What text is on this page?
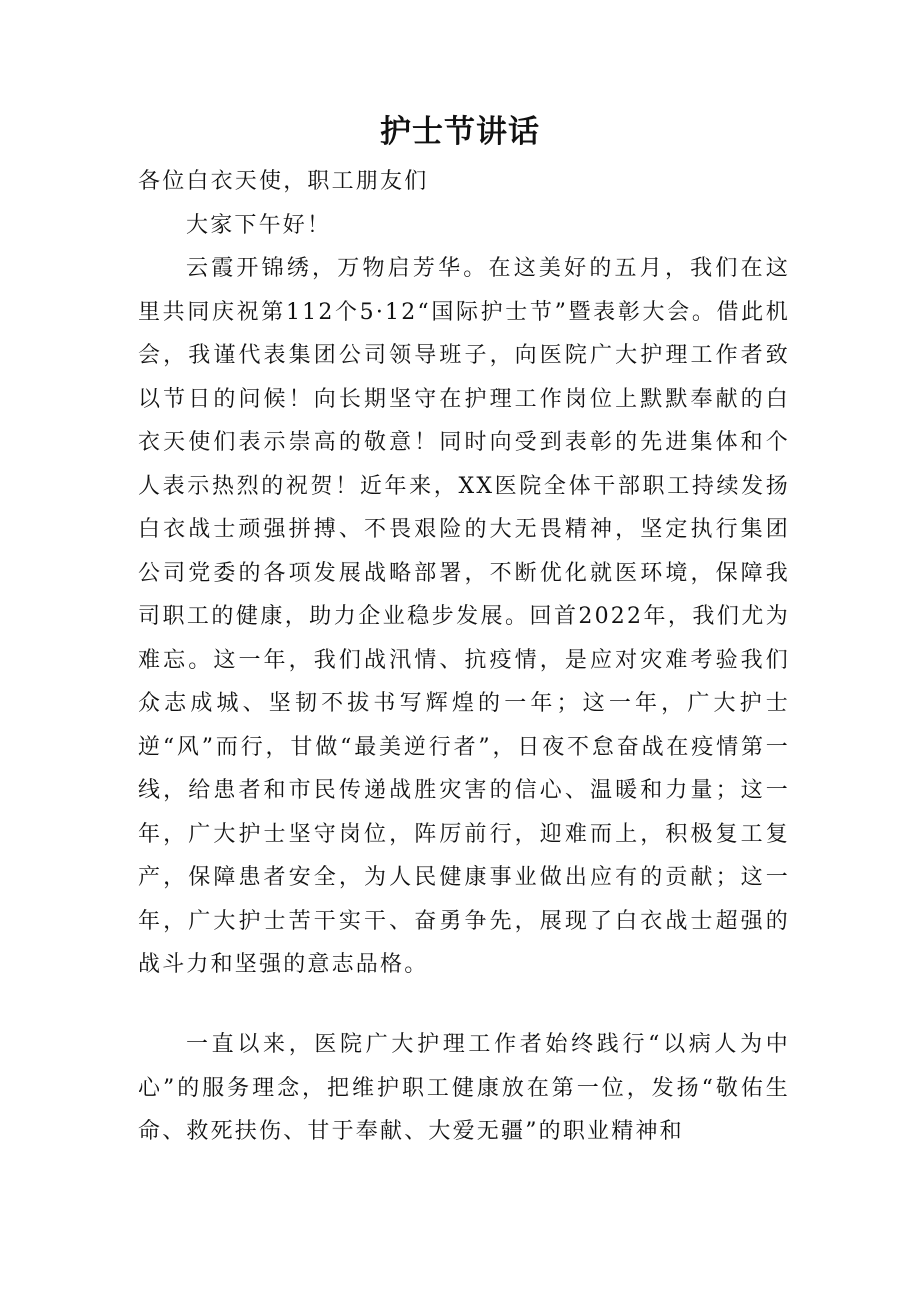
护士节讲话

各位白衣天使，职工朋友们

大家下午好！

云霞开锦绣，万物启芳华。在这美好的五月，我们在这里共同庆祝第112个5·12“国际护士节”暨表彰大会。借此机会，我谨代表集团公司领导班子，向医院广大护理工作者致以节日的问候！向长期坚守在护理工作岗位上默默奉献的白衣天使们表示崇高的敬意！同时向受到表彰的先进集体和个人表示热烈的祝贺！近年来，XX医院全体干部职工持续发扬白衣战士顽强拼搏、不畏艰险的大无畏精神，坚定执行集团公司党委的各项发展战略部署，不断优化就医环境，保障我司职工的健康，助力企业稳步发展。回首2022年，我们尤为难忘。这一年，我们战汛情、抗疫情，是应对灾难考验我们众志成城、坚韧不拔书写辉煌的一年；这一年，广大护士逆“风”而行，甘做“最美逆行者”，日夜不怠奋战在疫情第一线，给患者和市民传递战胜灾害的信心、温暖和力量；这一年，广大护士坚守岗位，阵厉前行，迎难而上，积极复工复产，保障患者安全，为人民健康事业做出应有的贡献；这一年，广大护士苦干实干、奋勇争先，展现了白衣战士超强的战斗力和坚强的意志品格。

一直以来，医院广大护理工作者始终践行“以病人为中心”的服务理念，把维护职工健康放在第一位，发扬“敬佑生命、救死扶伤、甘于奉献、大爱无疆”的职业精神和
